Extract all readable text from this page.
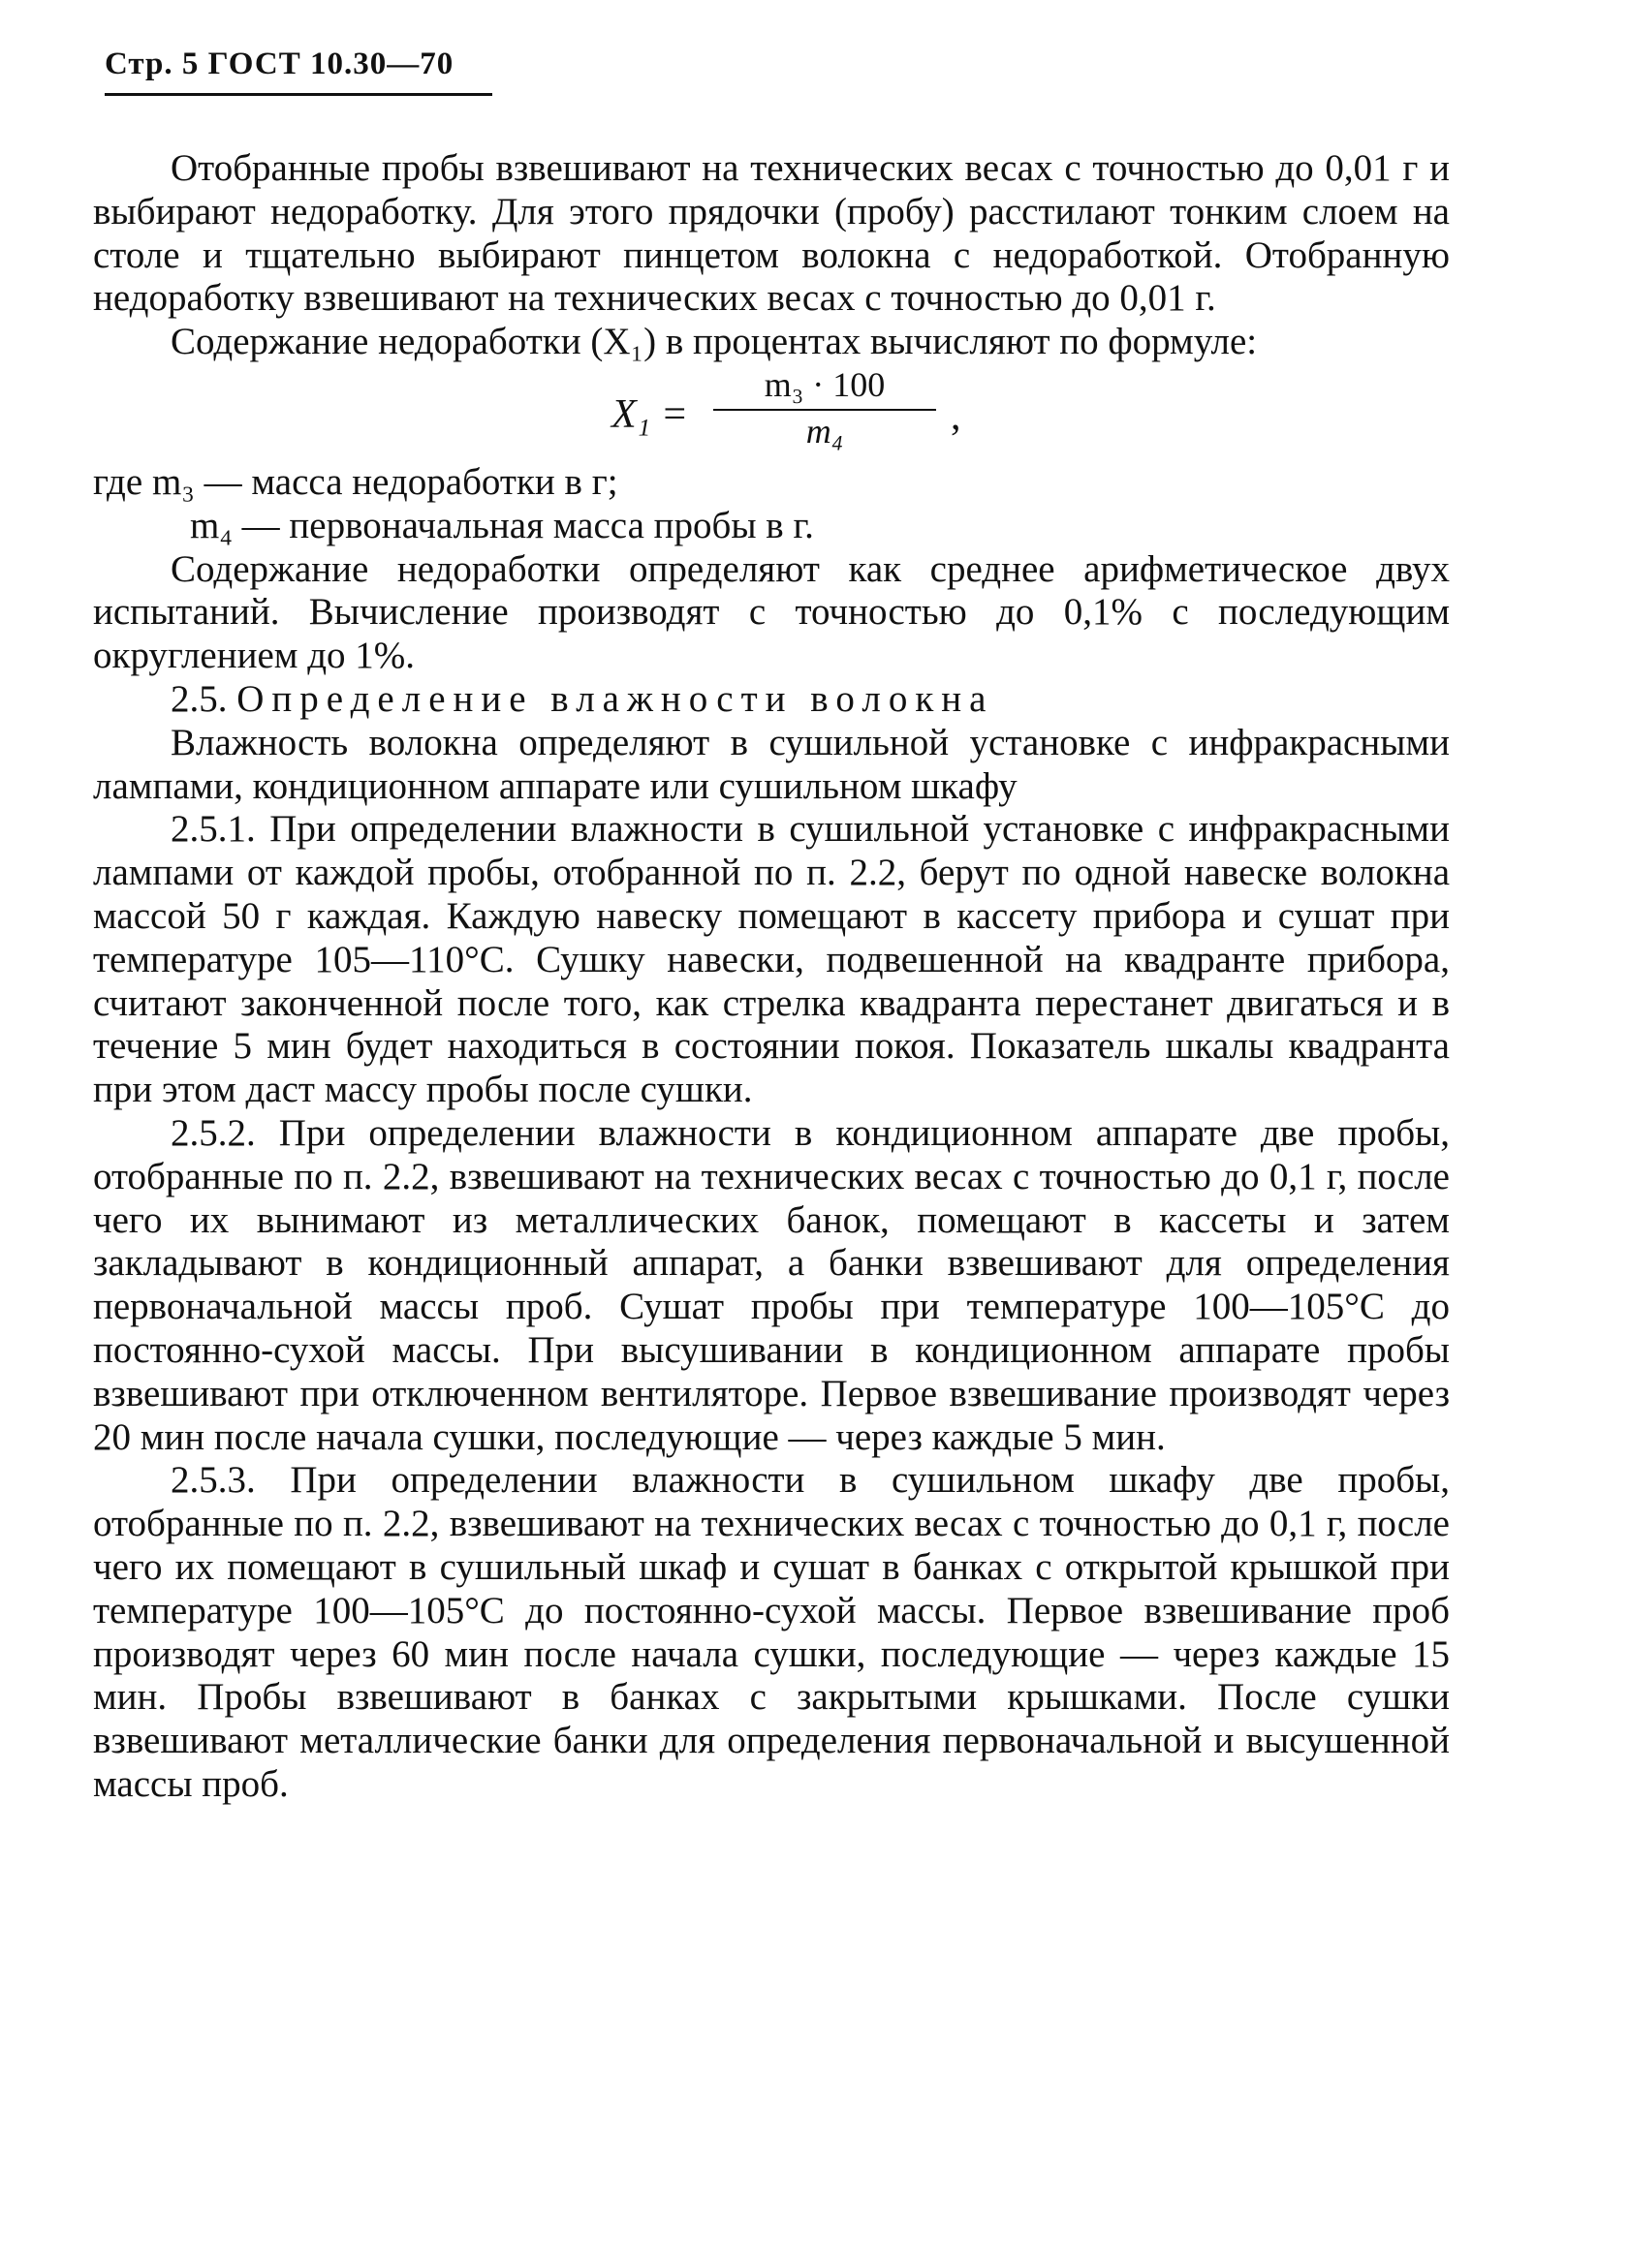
Стр. 5 ГОСТ 10.30—70

Отобранные пробы взвешивают на технических весах с точностью до 0,01 г и выбирают недоработку. Для этого прядочки (пробу) расстилают тонким слоем на столе и тщательно выбирают пинцетом волокна с недоработкой. Отобранную недоработку взвешивают на технических весах с точностью до 0,01 г.

Содержание недоработки (X₁) в процентах вычисляют по формуле:

$X_1 = \frac{\text{m₃ · 100}}{\text{m₄}}$ ,

где m₃ — масса недоработки в г;

m₄ — первоначальная масса пробы в г.

Содержание недоработки определяют как среднее арифметическое двух испытаний. Вычисление производят с точностью до 0,1% с последующим округлением до 1%.

2.5. Определение влажности волокна

Влажность волокна определяют в сушильной установке с инфракрасными лампами, кондиционном аппарате или сушильном шкафу

2.5.1. При определении влажности в сушильной установке с инфракрасными лампами от каждой пробы, отобранной по п. 2.2, берут по одной навеске волокна массой 50 г каждая. Каждую навеску помещают в кассету прибора и сушат при температуре 105—110°С. Сушку навески, подвешенной на квадранте прибора, считают законченной после того, как стрелка квадранта перестанет двигаться и в течение 5 мин будет находиться в состоянии покоя. Показатель шкалы квадранта при этом даст массу пробы после сушки.

2.5.2. При определении влажности в кондиционном аппарате две пробы, отобранные по п. 2.2, взвешивают на технических весах с точностью до 0,1 г, после чего их вынимают из металлических банок, помещают в кассеты и затем закладывают в кондиционный аппарат, а банки взвешивают для определения первоначальной массы проб. Сушат пробы при температуре 100—105°С до постоянно-сухой массы. При высушивании в кондиционном аппарате пробы взвешивают при отключенном вентиляторе. Первое взвешивание производят через 20 мин после начала сушки, последующие — через каждые 5 мин.

2.5.3. При определении влажности в сушильном шкафу две пробы, отобранные по п. 2.2, взвешивают на технических весах с точностью до 0,1 г, после чего их помещают в сушильный шкаф и сушат в банках с открытой крышкой при температуре 100—105°С до постоянно-сухой массы. Первое взвешивание проб производят через 60 мин после начала сушки, последующие — через каждые 15 мин. Пробы взвешивают в банках с закрытыми крышками. После сушки взвешивают металлические банки для определения первоначальной и высушенной массы проб.
